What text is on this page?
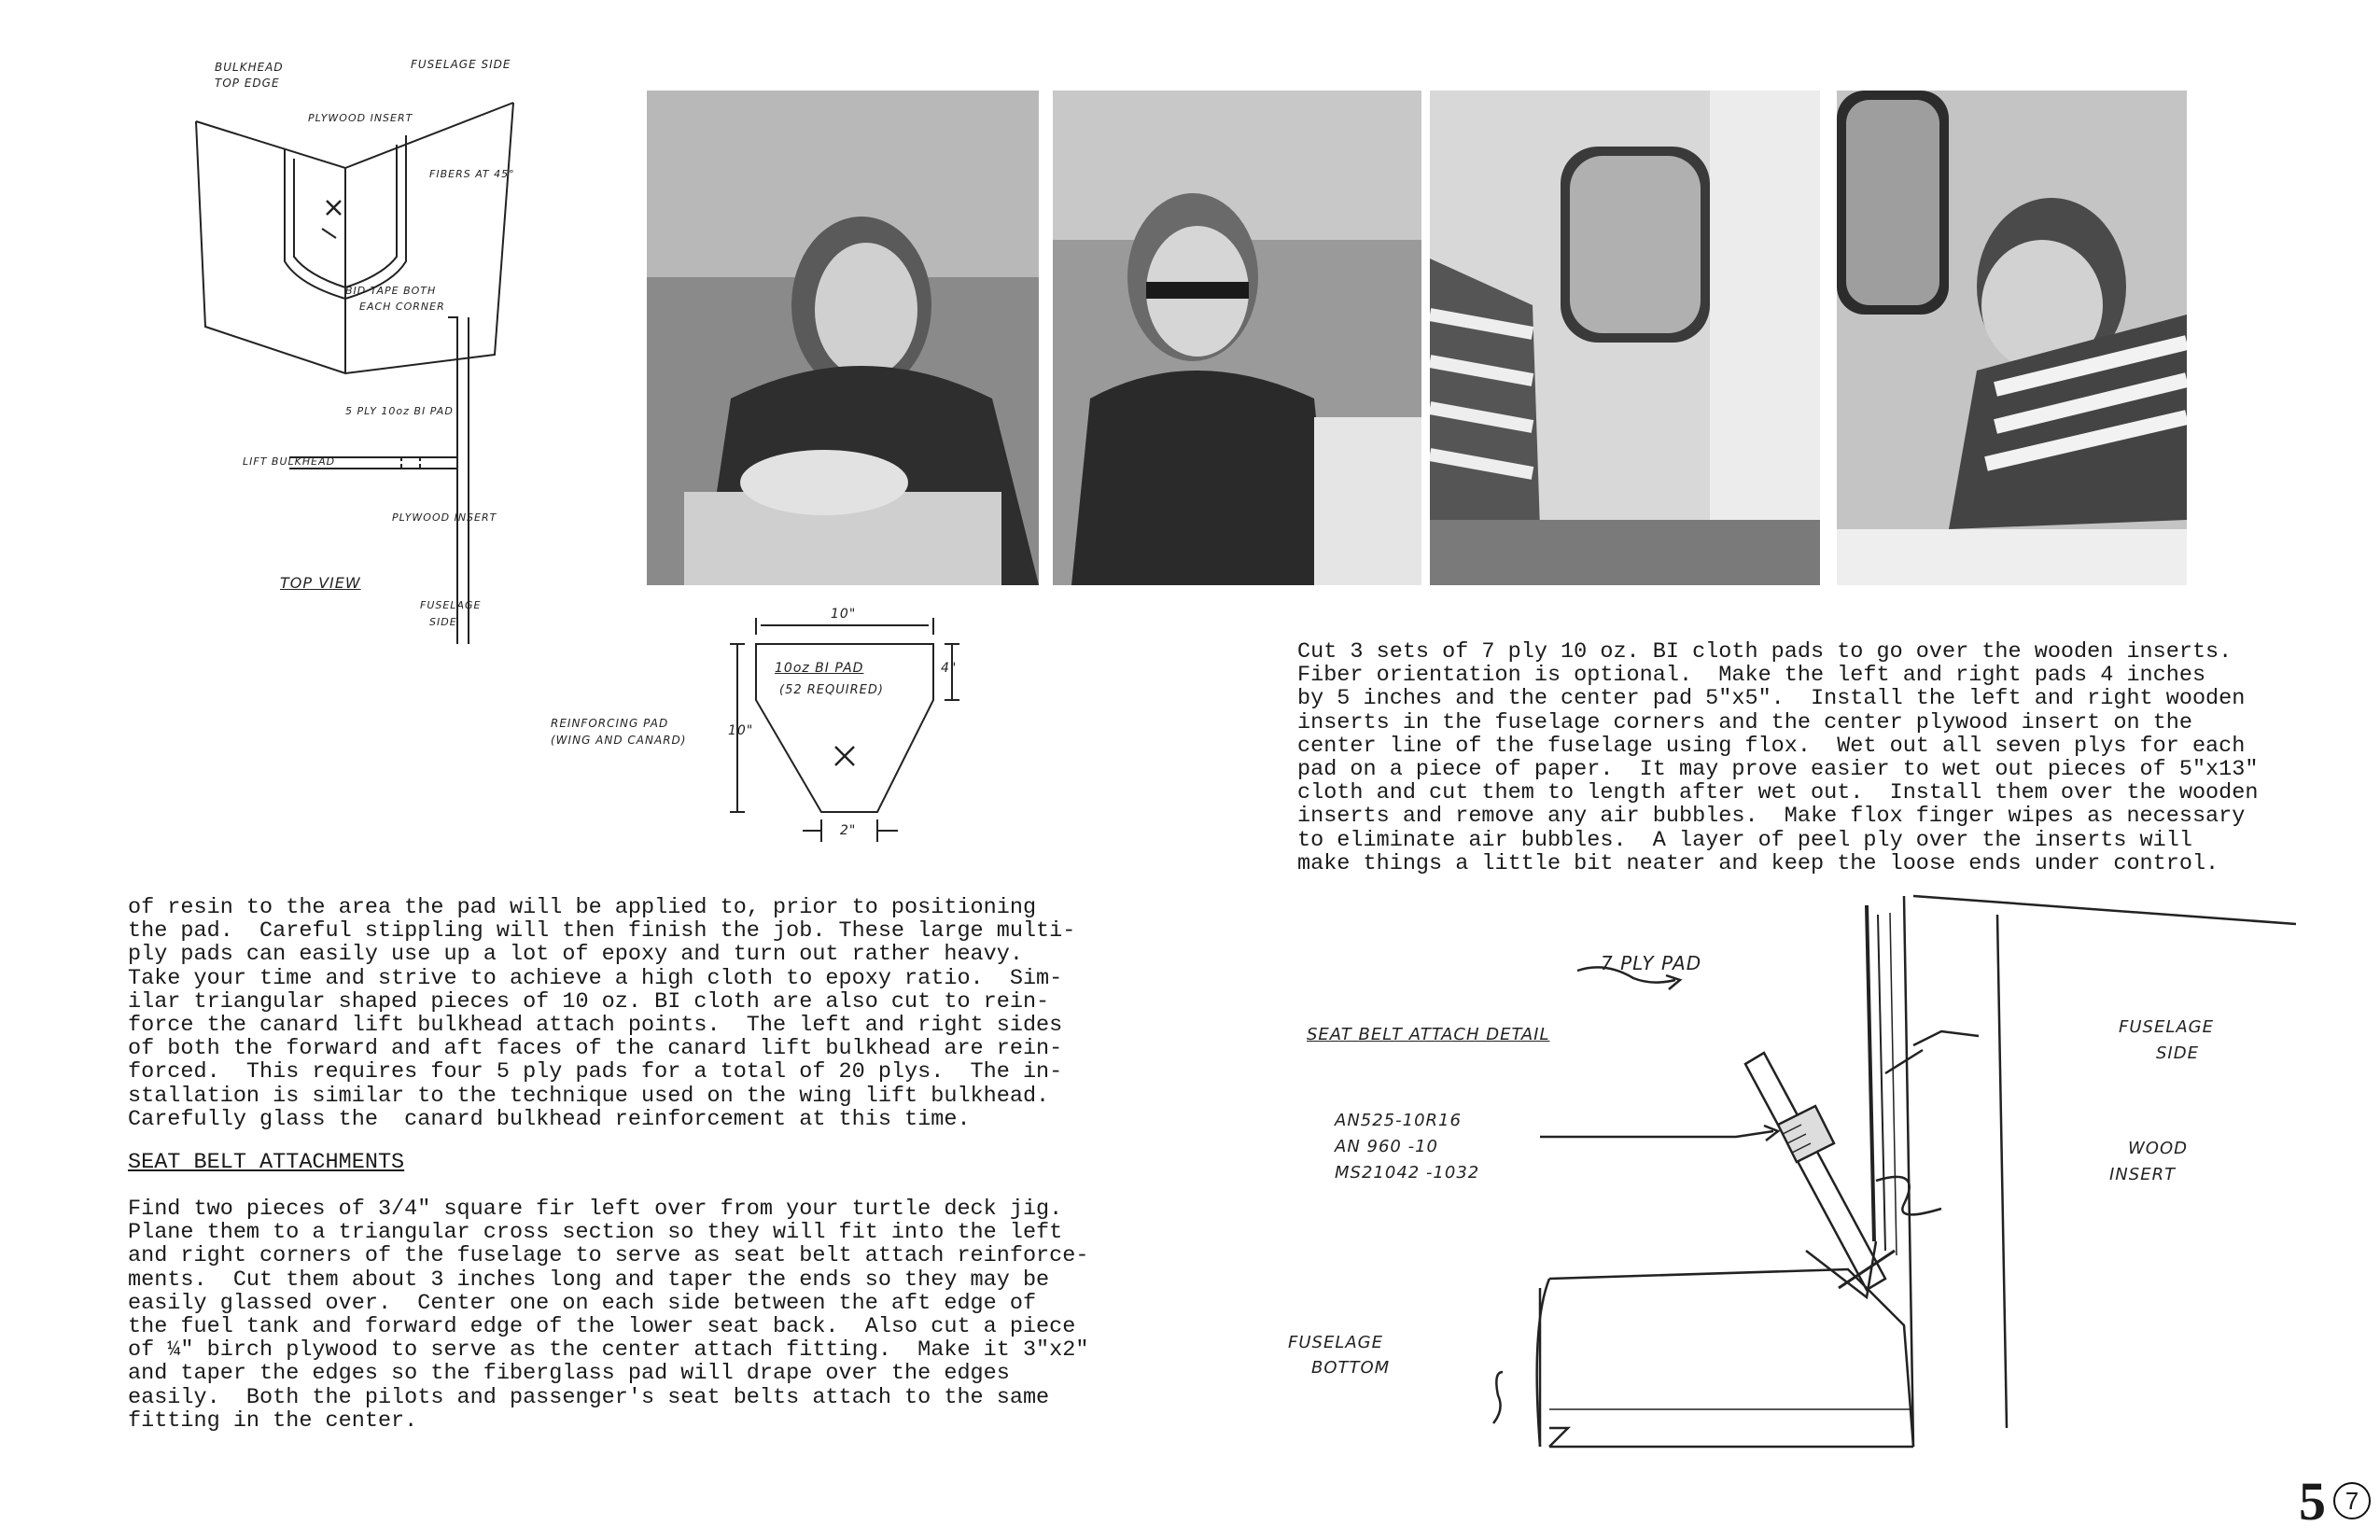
BULKHEAD
TOP EDGE
FUSELAGE SIDE
PLYWOOD INSERT
FIBERS AT 45°
BID TAPE BOTH
EACH CORNER
5 PLY 10oz BI PAD
LIFT BULKHEAD
PLYWOOD INSERT
TOP VIEW
FUSELAGE
SIDE
10"
4"
10"
2"
10oz BI PAD
(52 REQUIRED)
REINFORCING PAD
(WING AND CANARD)

Cut 3 sets of 7 ply 10 oz. BI cloth pads to go over the wooden inserts.

Fiber orientation is optional.  Make the left and right pads 4 inches

by 5 inches and the center pad 5"x5".  Install the left and right wooden

inserts in the fuselage corners and the center plywood insert on the

center line of the fuselage using flox.  Wet out all seven plys for each

pad on a piece of paper.  It may prove easier to wet out pieces of 5"x13"

cloth and cut them to length after wet out.  Install them over the wooden

inserts and remove any air bubbles.  Make flox finger wipes as necessary

to eliminate air bubbles.  A layer of peel ply over the inserts will

make things a little bit neater and keep the loose ends under control.

of resin to the area the pad will be applied to, prior to positioning

the pad.  Careful stippling will then finish the job. These large multi-

ply pads can easily use up a lot of epoxy and turn out rather heavy.

Take your time and strive to achieve a high cloth to epoxy ratio.  Sim-

ilar triangular shaped pieces of 10 oz. BI cloth are also cut to rein-

force the canard lift bulkhead attach points.  The left and right sides

of both the forward and aft faces of the canard lift bulkhead are rein-

forced.  This requires four 5 ply pads for a total of 20 plys.  The in-

stallation is similar to the technique used on the wing lift bulkhead.

Carefully glass the  canard bulkhead reinforcement at this time.

SEAT BELT ATTACHMENTS

Find two pieces of 3/4" square fir left over from your turtle deck jig.

Plane them to a triangular cross section so they will fit into the left

and right corners of the fuselage to serve as seat belt attach reinforce-

ments.  Cut them about 3 inches long and taper the ends so they may be

easily glassed over.  Center one on each side between the aft edge of

the fuel tank and forward edge of the lower seat back.  Also cut a piece

of ¼" birch plywood to serve as the center attach fitting.  Make it 3"x2"

and taper the edges so the fiberglass pad will drape over the edges

easily.  Both the pilots and passenger's seat belts attach to the same

fitting in the center.

SEAT BELT ATTACH DETAIL
7 PLY PAD
FUSELAGE
SIDE
AN525-10R16
AN 960 -10
MS21042 -1032
WOOD
INSERT
FUSELAGE
BOTTOM
5 7
